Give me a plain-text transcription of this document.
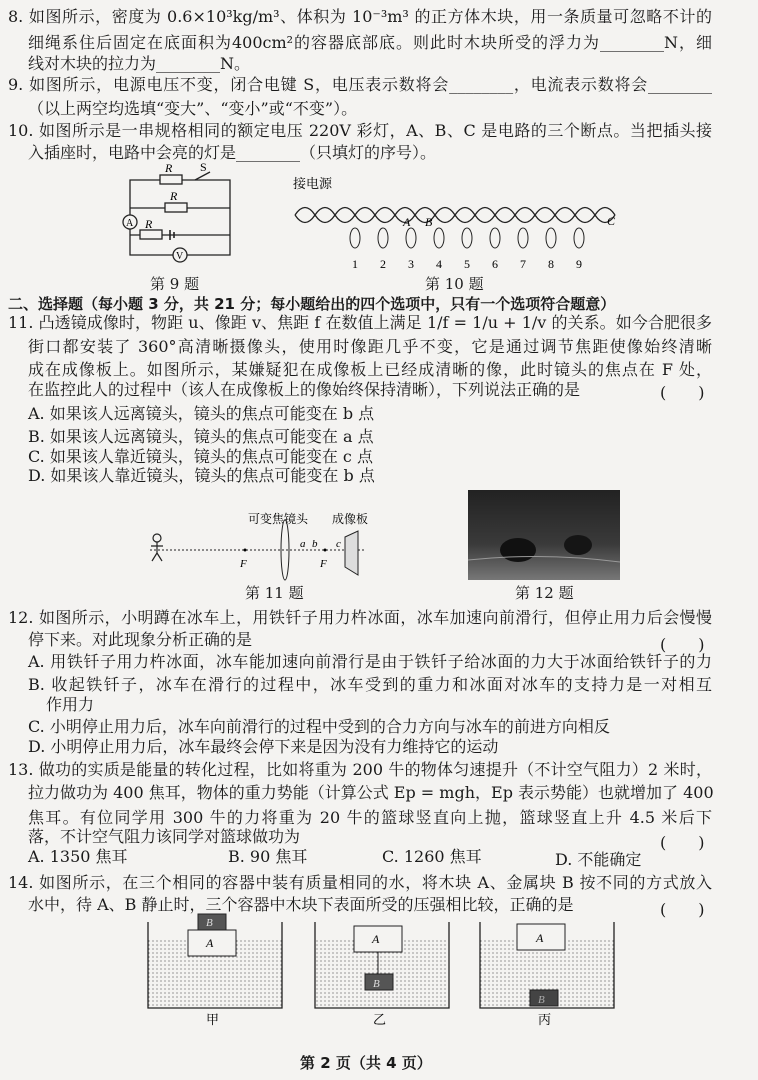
8. 如图所示，密度为 0.6×10³kg/m³、体积为 10⁻³m³ 的正方体木块，用一条质量可忽略不计的
细绳系住后固定在底面积为400cm²的容器底部底。则此时木块所受的浮力为________N，细
线对木块的拉力为________N。
9. 如图所示，电源电压不变，闭合电键 S，电压表示数将会________，电流表示数将会________
（以上两空均选填“变大”、“变小”或“不变”）。
10. 如图所示是一串规格相同的额定电压 220V 彩灯，A、B、C 是电路的三个断点。当把插头接
入插座时，电路中会亮的灯是________（只填灯的序号）。
R S
R
A R
V
第 9 题
接电源
A B	C
1 2 3 4 5 6 7 8 9
第 10 题
二、选择题（每小题 3 分，共 21 分；每小题给出的四个选项中，只有一个选项符合题意）
11. 凸透镜成像时，物距 u、像距 v、焦距 f 在数值上满足 1/f = 1/u + 1/v 的关系。如今合肥很多
街口都安装了 360°高清晰摄像头，使用时像距几乎不变，它是通过调节焦距使像始终清晰
成在成像板上。如图所示，某嫌疑犯在成像板上已经成清晰的像，此时镜头的焦点在 F 处，
在监控此人的过程中（该人在成像板上的像始终保持清晰），下列说法正确的是	(　　)
A. 如果该人远离镜头，镜头的焦点可能变在 b 点
B. 如果该人远离镜头，镜头的焦点可能变在 a 点
C. 如果该人靠近镜头，镜头的焦点可能变在 c 点
D. 如果该人靠近镜头，镜头的焦点可能变在 b 点
可变焦镜头 成像板
F	F
a b c
第 11 题	第 12 题
12. 如图所示，小明蹲在冰车上，用铁钎子用力杵冰面，冰车加速向前滑行，但停止用力后会慢慢
停下来。对此现象分析正确的是	(　　)
A. 用铁钎子用力杵冰面，冰车能加速向前滑行是由于铁钎子给冰面的力大于冰面给铁钎子的力
B. 收起铁钎子，冰车在滑行的过程中，冰车受到的重力和冰面对冰车的支持力是一对相互
作用力
C. 小明停止用力后，冰车向前滑行的过程中受到的合力方向与冰车的前进方向相反
D. 小明停止用力后，冰车最终会停下来是因为没有力维持它的运动
13. 做功的实质是能量的转化过程，比如将重为 200 牛的物体匀速提升（不计空气阻力）2 米时，
拉力做功为 400 焦耳，物体的重力势能（计算公式 Ep = mgh，Ep 表示势能）也就增加了 400
焦耳。有位同学用 300 牛的力将重为 20 牛的篮球竖直向上抛，篮球竖直上升 4.5 米后下
落，不计空气阻力该同学对篮球做功为	(　　)
A. 1350 焦耳	B. 90 焦耳	C. 1260 焦耳	D. 不能确定
14. 如图所示，在三个相同的容器中装有质量相同的水，将木块 A、金属块 B 按不同的方式放入
水中，待 A、B 静止时，三个容器中木块下表面所受的压强相比较，正确的是	(　　)
A
B
A
B
A
B
甲	乙	丙
第 2 页（共 4 页）
